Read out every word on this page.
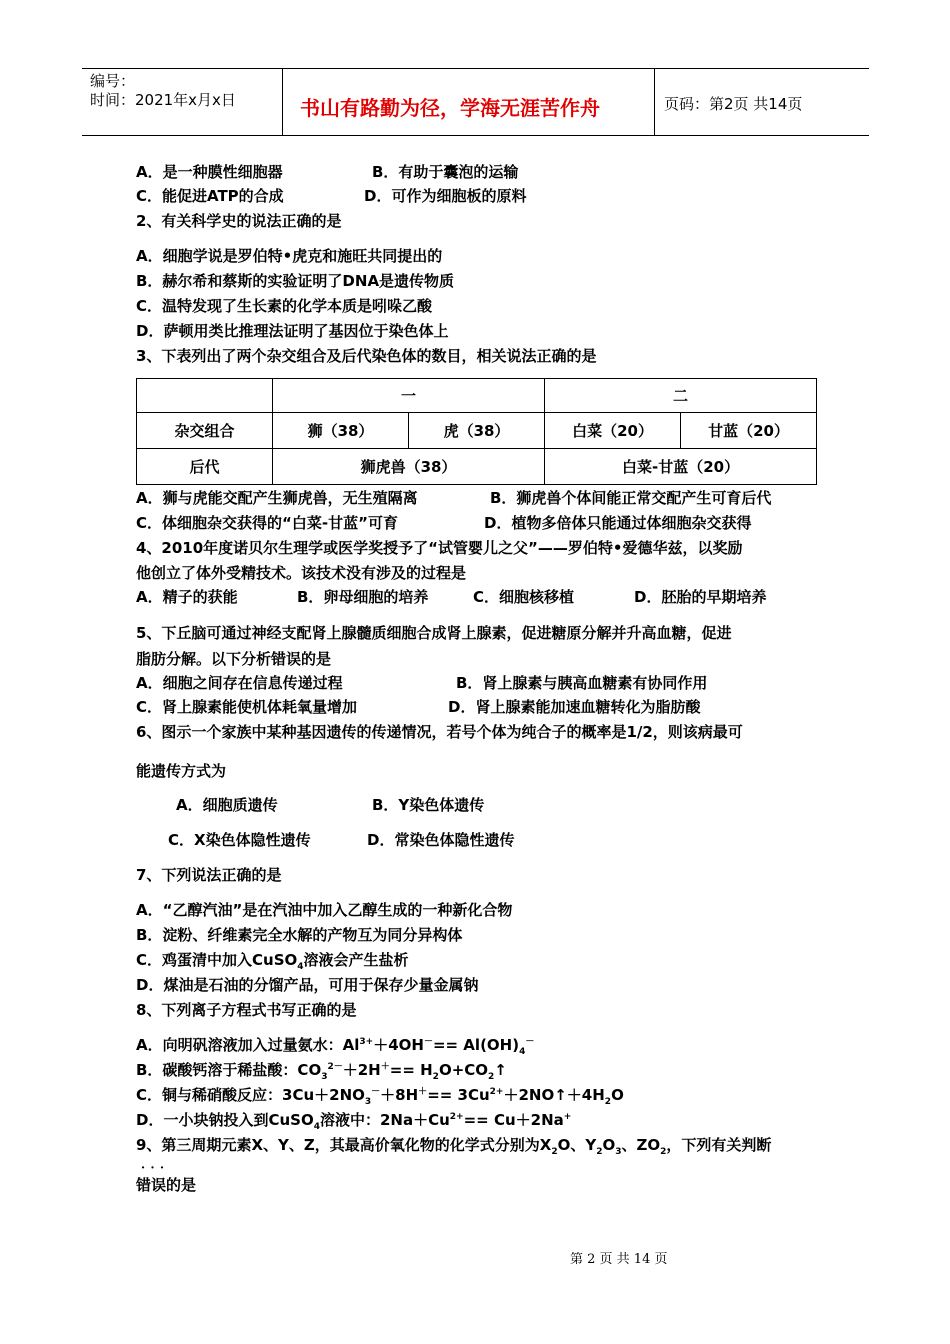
编号：
时间：2021年x月x日	书山有路勤为径，学海无涯苦作舟	页码：第2页 共14页
A．是一种膜性细胞器	B．有助于囊泡的运输
C．能促进ATP的合成	D．可作为细胞板的原料
2、有关科学史的说法正确的是
A．细胞学说是罗伯特•虎克和施旺共同提出的
B．赫尔希和蔡斯的实验证明了DNA是遗传物质
C．温特发现了生长素的化学本质是吲哚乙酸
D．萨顿用类比推理法证明了基因位于染色体上
3、下表列出了两个杂交组合及后代染色体的数目，相关说法正确的是
	一		二	
杂交组合	狮（38）	虎（38）	白菜（20）	甘蓝（20）
后代	狮虎兽（38）		白菜-甘蓝（20）	
A．狮与虎能交配产生狮虎兽，无生殖隔离	B．狮虎兽个体间能正常交配产生可育后代
C．体细胞杂交获得的“白菜-甘蓝”可育	D．植物多倍体只能通过体细胞杂交获得
4、2010年度诺贝尔生理学或医学奖授予了“试管婴儿之父”——罗伯特•爱德华兹，以奖励
他创立了体外受精技术。该技术没有涉及的过程是
A．精子的获能	B．卵母细胞的培养	C．细胞核移植	D．胚胎的早期培养
5、下丘脑可通过神经支配肾上腺髓质细胞合成肾上腺素，促进糖原分解并升高血糖，促进
脂肪分解。以下分析错误的是
A．细胞之间存在信息传递过程	B．肾上腺素与胰高血糖素有协同作用
C．肾上腺素能使机体耗氧量增加	D．肾上腺素能加速血糖转化为脂肪酸
6、图示一个家族中某种基因遗传的传递情况，若号个体为纯合子的概率是1/2，则该病最可
能遗传方式为
A．细胞质遗传	B．Y染色体遗传
C．X染色体隐性遗传	D．常染色体隐性遗传
7、下列说法正确的是
A．“乙醇汽油”是在汽油中加入乙醇生成的一种新化合物
B．淀粉、纤维素完全水解的产物互为同分异构体
C．鸡蛋清中加入CuSO$_4$溶液会产生盐析
D．煤油是石油的分馏产品，可用于保存少量金属钠
8、下列离子方程式书写正确的是
A．向明矾溶液加入过量氨水：$Al^{3+}+4OH^-== Al(OH)_4^-$
B．碳酸钙溶于稀盐酸：$CO_3^{2-}+2H^+==$ $H_2O+CO_2↑$
C．铜与稀硝酸反应：$3Cu+2NO_3^-+8H^+==$ $3Cu^{2+}+2NO↑+4H_2O$
D．一小块钠投入到CuSO$_4$溶液中：$2Na+Cu^{2+}== Cu+2Na^+$
9、第三周期元素X、Y、Z，其最高价氧化物的化学式分别为$X_2O$、$Y_2O_3$、$ZO_2$，下列有关判断
．．．
错误的是
第 2 页 共 14 页
